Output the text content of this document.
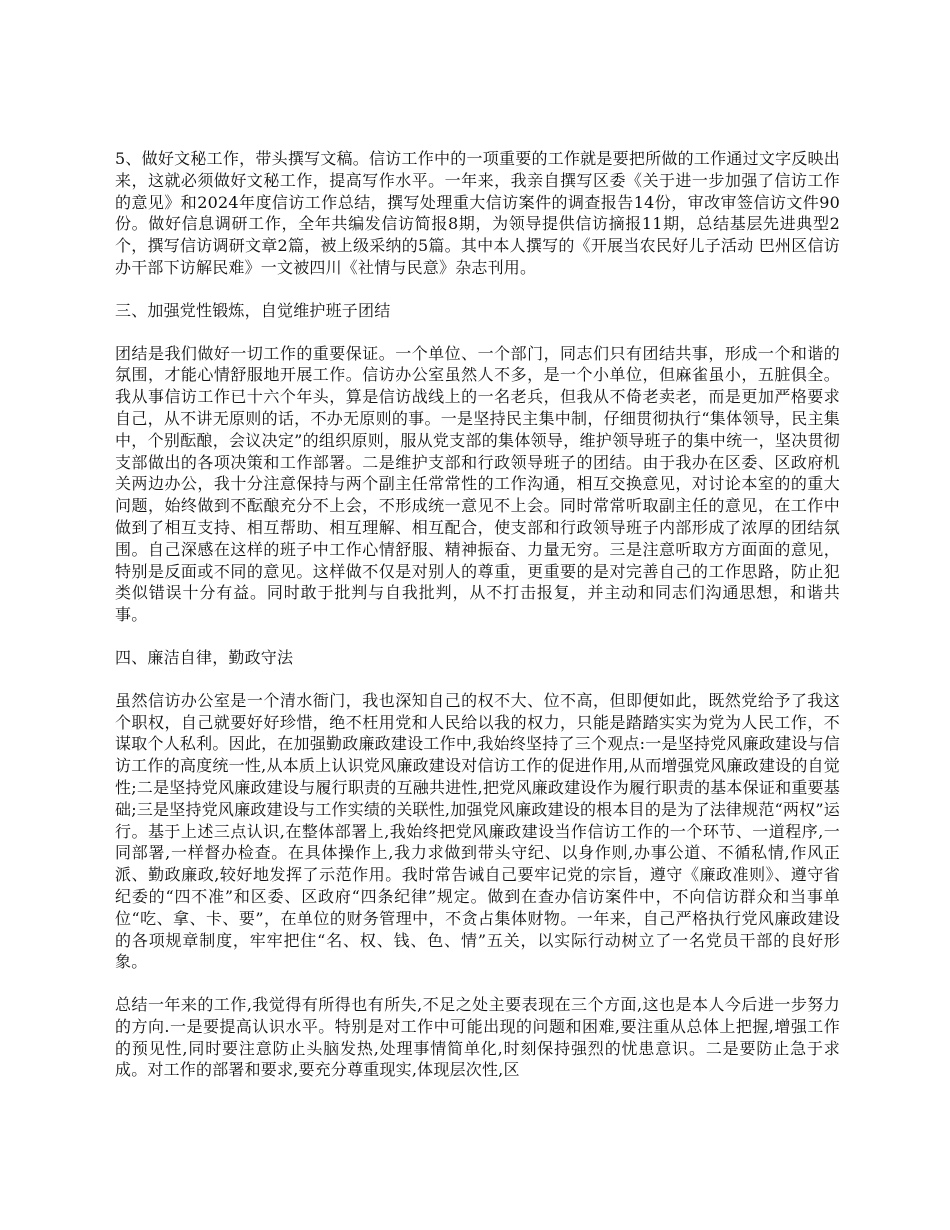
5、做好文秘工作，带头撰写文稿。信访工作中的一项重要的工作就是要把所做的工作通过文字反映出来，这就必须做好文秘工作，提高写作水平。一年来，我亲自撰写区委《关于进一步加强了信访工作的意见》和2024年度信访工作总结，撰写处理重大信访案件的调查报告14份，审改审签信访文件90份。做好信息调研工作，全年共编发信访简报8期，为领导提供信访摘报11期，总结基层先进典型2个，撰写信访调研文章2篇，被上级采纳的5篇。其中本人撰写的《开展当农民好儿子活动 巴州区信访办干部下访解民难》一文被四川《社情与民意》杂志刊用。

三、加强党性锻炼，自觉维护班子团结

团结是我们做好一切工作的重要保证。一个单位、一个部门，同志们只有团结共事，形成一个和谐的氛围，才能心情舒服地开展工作。信访办公室虽然人不多，是一个小单位，但麻雀虽小，五脏俱全。我从事信访工作已十六个年头，算是信访战线上的一名老兵，但我从不倚老卖老，而是更加严格要求自己，从不讲无原则的话，不办无原则的事。一是坚持民主集中制，仔细贯彻执行“集体领导，民主集中，个别酝酿，会议决定”的组织原则，服从党支部的集体领导，维护领导班子的集中统一，坚决贯彻支部做出的各项决策和工作部署。二是维护支部和行政领导班子的团结。由于我办在区委、区政府机关两边办公，我十分注意保持与两个副主任常常性的工作沟通，相互交换意见，对讨论本室的的重大问题，始终做到不酝酿充分不上会，不形成统一意见不上会。同时常常听取副主任的意见，在工作中做到了相互支持、相互帮助、相互理解、相互配合，使支部和行政领导班子内部形成了浓厚的团结氛围。自己深感在这样的班子中工作心情舒服、精神振奋、力量无穷。三是注意听取方方面面的意见，特别是反面或不同的意见。这样做不仅是对别人的尊重，更重要的是对完善自己的工作思路，防止犯类似错误十分有益。同时敢于批判与自我批判，从不打击报复，并主动和同志们沟通思想，和谐共事。

四、廉洁自律，勤政守法

虽然信访办公室是一个清水衙门，我也深知自己的权不大、位不高，但即便如此，既然党给予了我这个职权，自己就要好好珍惜，绝不枉用党和人民给以我的权力，只能是踏踏实实为党为人民工作，不谋取个人私利。因此，在加强勤政廉政建设工作中,我始终坚持了三个观点:一是坚持党风廉政建设与信访工作的高度统一性,从本质上认识党风廉政建设对信访工作的促进作用,从而增强党风廉政建设的自觉性;二是坚持党风廉政建设与履行职责的互融共进性,把党风廉政建设作为履行职责的基本保证和重要基础;三是坚持党风廉政建设与工作实绩的关联性,加强党风廉政建设的根本目的是为了法律规范“两权”运行。基于上述三点认识,在整体部署上,我始终把党风廉政建设当作信访工作的一个环节、一道程序,一同部署,一样督办检查。在具体操作上,我力求做到带头守纪、以身作则,办事公道、不循私情,作风正派、勤政廉政,较好地发挥了示范作用。我时常告诫自己要牢记党的宗旨，遵守《廉政准则》、遵守省纪委的“四不准”和区委、区政府“四条纪律”规定。做到在查办信访案件中，不向信访群众和当事单位“吃、拿、卡、要”，在单位的财务管理中，不贪占集体财物。一年来，自己严格执行党风廉政建设的各项规章制度，牢牢把住“名、权、钱、色、情”五关，以实际行动树立了一名党员干部的良好形象。

总结一年来的工作,我觉得有所得也有所失,不足之处主要表现在三个方面,这也是本人今后进一步努力的方向.一是要提高认识水平。特别是对工作中可能出现的问题和困难,要注重从总体上把握,增强工作的预见性,同时要注意防止头脑发热,处理事情简单化,时刻保持强烈的忧患意识。二是要防止急于求成。对工作的部署和要求,要充分尊重现实,体现层次性,区
